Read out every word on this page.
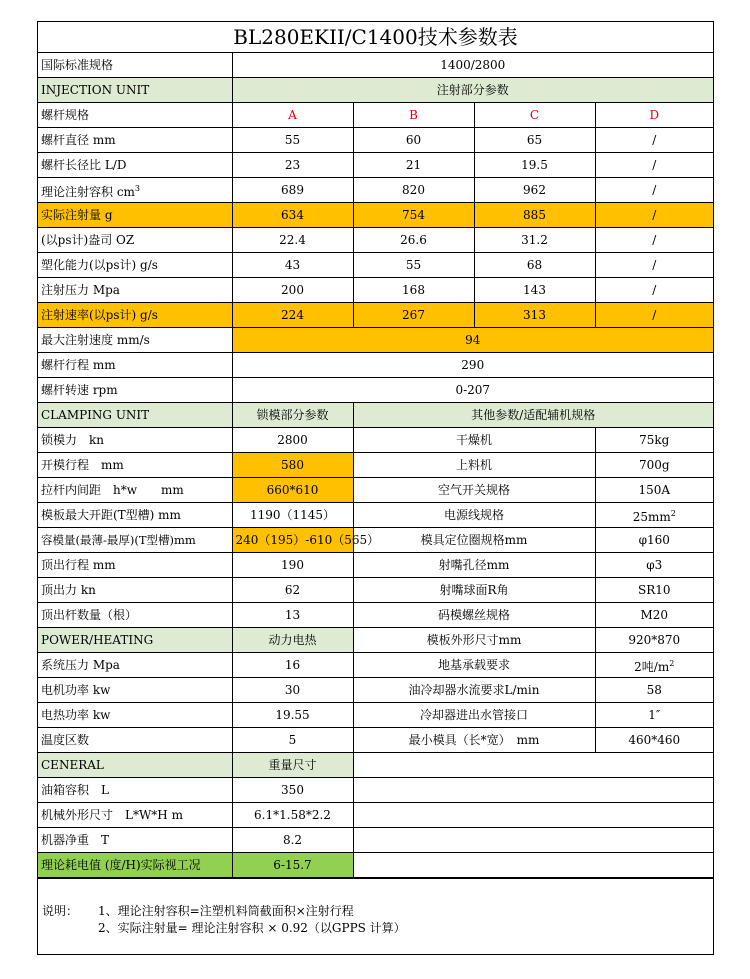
BL280EKII/C1400技术参数表
国际标准规格	1400/2800			
INJECTION UNIT	注射部分参数			
螺杆规格	A	B	C	D
螺杆直径 mm	55	60	65	/
螺杆长径比 L/D	23	21	19.5	/
理论注射容积 $cm^3$	689	820	962	/
实际注射量 g	634	754	885	/
(以ps计)盎司 OZ	22.4	26.6	31.2	/
塑化能力(以ps计) g/s	43	55	68	/
注射压力 Mpa	200	168	143	/
注射速率(以ps计) g/s	224	267	313	/
最大注射速度 mm/s	94			
螺杆行程 mm	290			
螺杆转速 rpm	0-207			
CLAMPING UNIT	锁模部分参数	其他参数/适配辅机规格		
锁模力　kn	2800	干燥机		75kg
开模行程　mm	580	上料机		700g
拉杆内间距　h*w　　mm	660*610	空气开关规格		150A
模板最大开距(T型槽) mm	1190（1145）	电源线规格		$25mm^2$
容模量(最薄-最厚)(T型槽)mm	240（195）-610（565）	模具定位圈规格mm		φ160
顶出行程 mm	190	射嘴孔径mm		φ3
顶出力 kn	62	射嘴球面R角		SR10
顶出杆数量（根）	13	码模螺丝规格		M20
POWER/HEATING	动力电热	模板外形尺寸mm		920*870
系统压力 Mpa	16	地基承载要求		2吨$/m^2$
电机功率 kw	30	油冷却器水流要求L/min		58
电热功率 kw	19.55	冷却器进出水管接口		1″
温度区数	5	最小模具（长*宽）　mm		460*460
CENERAL	重量尺寸			
油箱容积　L	350			
机械外形尺寸　L*W*H m	6.1*1.58*2.2			
机器净重　T	8.2			
理论耗电值 (度/H)实际视工况	6-15.7			
说明：	1、理论注射容积=注塑机料筒截面积×注射行程
2、实际注射量= 理论注射容积 × 0.92（以GPPS 计算）
